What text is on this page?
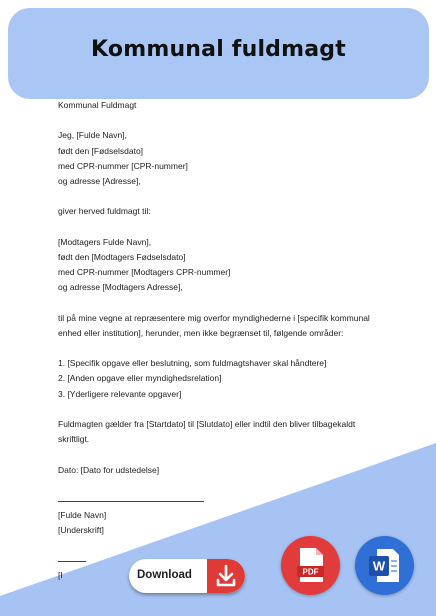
Kommunal fuldmagt
Kommunal Fuldmagt
Jeg, [Fulde Navn],
født den [Fødselsdato]
med CPR-nummer [CPR-nummer]
og adresse [Adresse],
giver herved fuldmagt til:
[Modtagers Fulde Navn],
født den [Modtagers Fødselsdato]
med CPR-nummer [Modtagers CPR-nummer]
og adresse [Modtagers Adresse],
til på mine vegne at repræsentere mig overfor myndighederne i [specifik kommunal
enhed eller institution], herunder, men ikke begrænset til, følgende områder:
1. [Specifik opgave eller beslutning, som fuldmagtshaver skal håndtere]
2. [Anden opgave eller myndighedsrelation]
3. [Yderligere relevante opgaver]
Fuldmagten gælder fra [Startdato] til [Slutdato] eller indtil den bliver tilbagekaldt
skriftligt.
Dato: [Dato for udstedelse]
[Fulde Navn]
[Underskrift]
[I	Download	PDF	W
